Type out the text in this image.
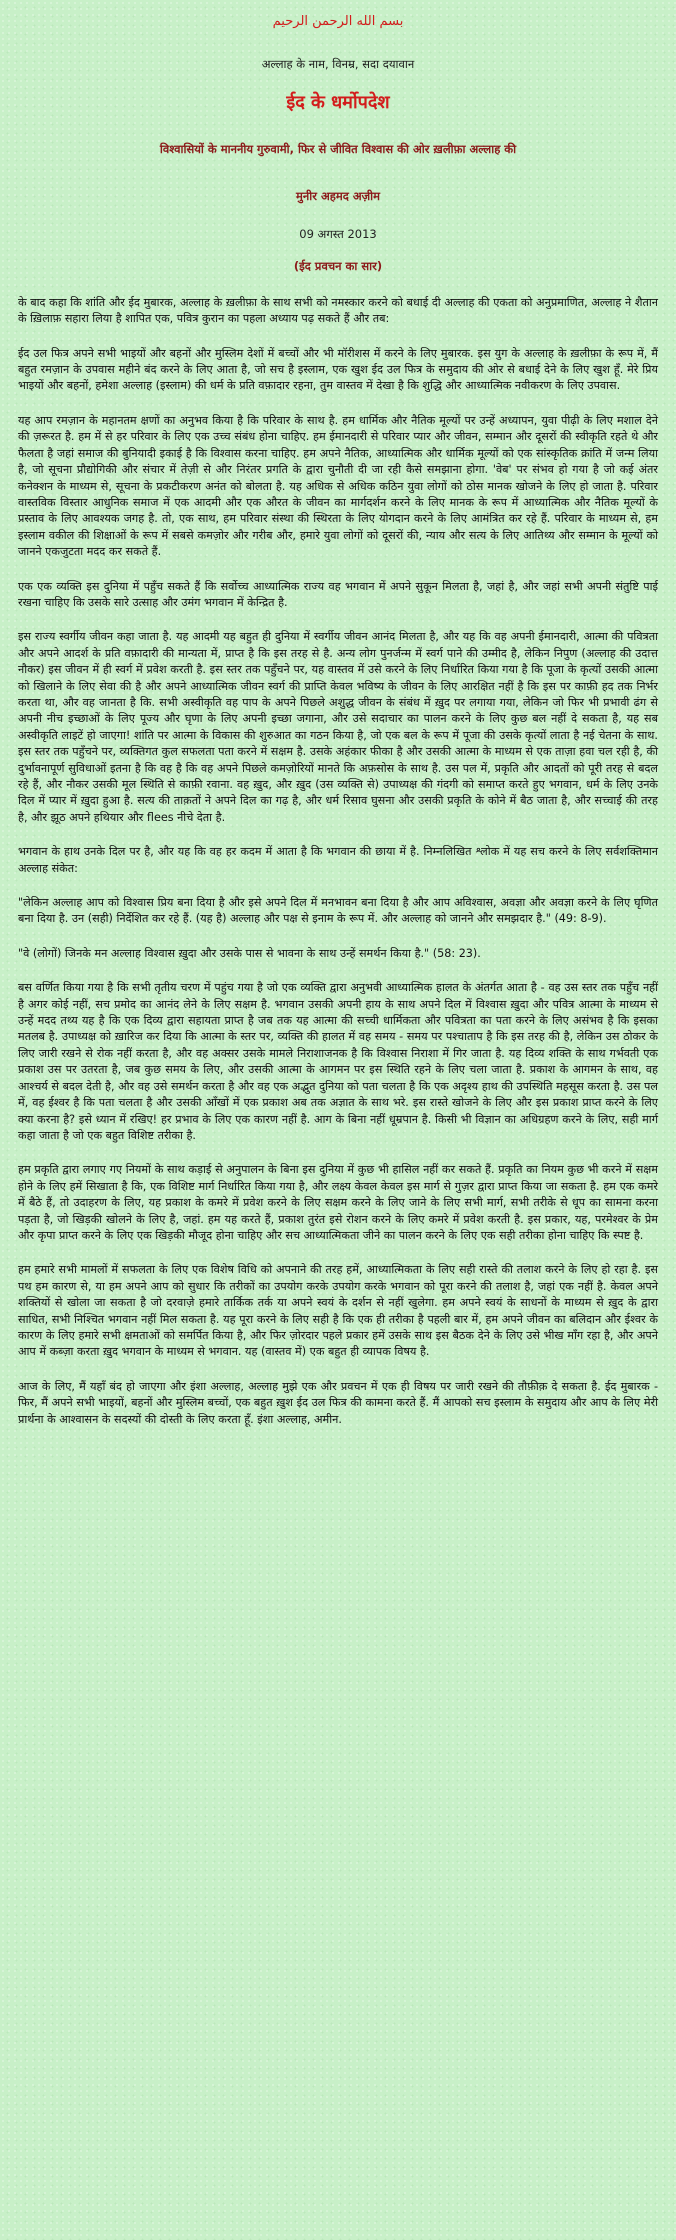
بسم الله الرحمن الرحيم
अल्लाह के नाम, विनम्र, सदा दयावान
ईद के धर्मोपदेश
विश्वासियों के माननीय गुरुवामी, फिर से जीवित विश्वास की ओर ख़लीफ़ा अल्लाह की
मुनीर अहमद अज़ीम
09 अगस्त 2013
(ईद प्रवचन का सार)

के बाद कहा कि शांति और ईद मुबारक, अल्लाह के ख़लीफ़ा के साथ सभी को नमस्कार करने को बधाई दी अल्लाह की एकता को अनुप्रमाणित, अल्लाह ने शैतान के ख़िलाफ़ सहारा लिया है शापित एक, पवित्र कुरान का पहला अध्याय पढ़ सकते हैं और तब:

ईद उल फित्र अपने सभी भाइयों और बहनों और मुस्लिम देशों में बच्चों और भी मॉरीशस में करने के लिए मुबारक. इस युग के अल्लाह के ख़लीफ़ा के रूप में, मैं बहुत रमज़ान के उपवास महीने बंद करने के लिए आता है, जो सच है इस्लाम, एक खुश ईद उल फित्र के समुदाय की ओर से बधाई देने के लिए खुश हूँ. मेरे प्रिय भाइयों और बहनों, हमेशा अल्लाह (इस्लाम) की धर्म के प्रति वफ़ादार रहना, तुम वास्तव में देखा है कि शुद्धि और आध्यात्मिक नवीकरण के लिए उपवास.

यह आप रमज़ान के महानतम क्षणों का अनुभव किया है कि परिवार के साथ है. हम धार्मिक और नैतिक मूल्यों पर उन्हें अध्यापन, युवा पीढ़ी के लिए मशाल देने की ज़रूरत है. हम में से हर परिवार के लिए एक उच्च संबंध होना चाहिए. हम ईमानदारी से परिवार प्यार और जीवन, सम्मान और दूसरों की स्वीकृति रहते थे और फैलता है जहां समाज की बुनियादी इकाई है कि विश्वास करना चाहिए. हम अपने नैतिक, आध्यात्मिक और धार्मिक मूल्यों को एक सांस्कृतिक क्रांति में जन्म लिया है, जो सूचना प्रौद्योगिकी और संचार में तेज़ी से और निरंतर प्रगति के द्वारा चुनौती दी जा रही कैसे समझाना होगा. 'वेब' पर संभव हो गया है जो कई अंतर कनेक्शन के माध्यम से, सूचना के प्रकटीकरण अनंत को बोलता है. यह अधिक से अधिक कठिन युवा लोगों को ठोस मानक खोजने के लिए हो जाता है. परिवार वास्तविक विस्तार आधुनिक समाज में एक आदमी और एक औरत के जीवन का मार्गदर्शन करने के लिए मानक के रूप में आध्यात्मिक और नैतिक मूल्यों के प्रस्ताव के लिए आवश्यक जगह है. तो, एक साथ, हम परिवार संस्था की स्थिरता के लिए योगदान करने के लिए आमंत्रित कर रहे हैं. परिवार के माध्यम से, हम इस्लाम वकील की शिक्षाओं के रूप में सबसे कमज़ोर और गरीब और, हमारे युवा लोगों को दूसरों की, न्याय और सत्य के लिए आतिथ्य और सम्मान के मूल्यों को जानने एकजुटता मदद कर सकते हैं.

एक एक व्यक्ति इस दुनिया में पहुँच सकते हैं कि सर्वोच्च आध्यात्मिक राज्य वह भगवान में अपने सुकून मिलता है, जहां है, और जहां सभी अपनी संतुष्टि पाई रखना चाहिए कि उसके सारे उत्साह और उमंग भगवान में केन्द्रित है.

इस राज्य स्वर्गीय जीवन कहा जाता है. यह आदमी यह बहुत ही दुनिया में स्वर्गीय जीवन आनंद मिलता है, और यह कि वह अपनी ईमानदारी, आत्मा की पवित्रता और अपने आदर्श के प्रति वफ़ादारी की मान्यता में, प्राप्त है कि इस तरह से है. अन्य लोग पुनर्जन्म में स्वर्ग पाने की उम्मीद है, लेकिन निपुण (अल्लाह की उदात्त नौकर) इस जीवन में ही स्वर्ग में प्रवेश करती है. इस स्तर तक पहुँचने पर, यह वास्तव में उसे करने के लिए निर्धारित किया गया है कि पूजा के कृत्यों उसकी आत्मा को खिलाने के लिए सेवा की है और अपने आध्यात्मिक जीवन स्वर्ग की प्राप्ति केवल भविष्य के जीवन के लिए आरक्षित नहीं है कि इस पर काफ़ी हद तक निर्भर करता था, और वह जानता है कि. सभी अस्वीकृति वह पाप के अपने पिछले अशुद्ध जीवन के संबंध में ख़ुद पर लगाया गया, लेकिन जो फिर भी प्रभावी ढंग से अपनी नीच इच्छाओं के लिए पूज्य और घृणा के लिए अपनी इच्छा जगाना, और उसे सदाचार का पालन करने के लिए कुछ बल नहीं दे सकता है, यह सब अस्वीकृति लाइटें हो जाएगा! शांति पर आत्मा के विकास की शुरुआत का गठन किया है, जो एक बल के रूप में पूजा की उसके कृत्यों लाता है नई चेतना के साथ. इस स्तर तक पहुँचने पर, व्यक्तिगत कुल सफलता पता करने में सक्षम है. उसके अहंकार फीका है और उसकी आत्मा के माध्यम से एक ताज़ा हवा चल रही है, की दुर्भावनापूर्ण सुविधाओं इतना है कि वह है कि वह अपने पिछले कमज़ोरियों मानते कि अफ़सोस के साथ है. उस पल में, प्रकृति और आदतों को पूरी तरह से बदल रहे हैं, और नौकर उसकी मूल स्थिति से काफ़ी रवाना. वह ख़ुद, और ख़ुद (उस व्यक्ति से) उपाध्यक्ष की गंदगी को समाप्त करते हुए भगवान, धर्म के लिए उनके दिल में प्यार में ख़ुदा हुआ है. सत्य की ताक़तों ने अपने दिल का गढ़ है, और धर्म रिसाव घुसना और उसकी प्रकृति के कोने में बैठ जाता है, और सच्चाई की तरह है, और झूठ अपने हथियार और flees नीचे देता है.

भगवान के हाथ उनके दिल पर है, और यह कि वह हर कदम में आता है कि भगवान की छाया में है. निम्नलिखित श्लोक में यह सच करने के लिए सर्वशक्तिमान अल्लाह संकेत:

"लेकिन अल्लाह आप को विश्वास प्रिय बना दिया है और इसे अपने दिल में मनभावन बना दिया है और आप अविश्वास, अवज्ञा और अवज्ञा करने के लिए घृणित बना दिया है. उन (सही) निर्देशित कर रहे हैं. (यह है) अल्लाह और पक्ष से इनाम के रूप में. और अल्लाह को जानने और समझदार है." (49: 8-9).

"वे (लोगों) जिनके मन अल्लाह विश्वास ख़ुदा और उसके पास से भावना के साथ उन्हें समर्थन किया है." (58: 23).

बस वर्णित किया गया है कि सभी तृतीय चरण में पहुंच गया है जो एक व्यक्ति द्वारा अनुभवी आध्यात्मिक हालत के अंतर्गत आता है - वह उस स्तर तक पहुँच नहीं है अगर कोई नहीं, सच प्रमोद का आनंद लेने के लिए सक्षम है. भगवान उसकी अपनी हाय के साथ अपने दिल में विश्वास ख़ुदा और पवित्र आत्मा के माध्यम से उन्हें मदद तथ्य यह है कि एक दिव्य द्वारा सहायता प्राप्त है जब तक यह आत्मा की सच्ची धार्मिकता और पवित्रता का पता करने के लिए असंभव है कि इसका मतलब है. उपाध्यक्ष को ख़ारिज कर दिया कि आत्मा के स्तर पर, व्यक्ति की हालत में वह समय - समय पर पश्चाताप है कि इस तरह की है, लेकिन उस ठोकर के लिए जारी रखने से रोक नहीं करता है, और वह अक्सर उसके मामले निराशाजनक है कि विश्वास निराशा में गिर जाता है. यह दिव्य शक्ति के साथ गर्भवती एक प्रकाश उस पर उतरता है, जब कुछ समय के लिए, और उसकी आत्मा के आगमन पर इस स्थिति रहने के लिए चला जाता है. प्रकाश के आगमन के साथ, वह आश्चर्य से बदल देती है, और वह उसे समर्थन करता है और वह एक अद्भुत दुनिया को पता चलता है कि एक अदृश्य हाथ की उपस्थिति महसूस करता है. उस पल में, वह ईश्वर है कि पता चलता है और उसकी आँखों में एक प्रकाश अब तक अज्ञात के साथ भरे. इस रास्ते खोजने के लिए और इस प्रकाश प्राप्त करने के लिए क्या करना है? इसे ध्यान में रखिए! हर प्रभाव के लिए एक कारण नहीं है. आग के बिना नहीं धूम्रपान है. किसी भी विज्ञान का अधिग्रहण करने के लिए, सही मार्ग कहा जाता है जो एक बहुत विशिष्ट तरीका है.

हम प्रकृति द्वारा लगाए गए नियमों के साथ कड़ाई से अनुपालन के बिना इस दुनिया में कुछ भी हासिल नहीं कर सकते हैं. प्रकृति का नियम कुछ भी करने में सक्षम होने के लिए हमें सिखाता है कि, एक विशिष्ट मार्ग निर्धारित किया गया है, और लक्ष्य केवल केवल इस मार्ग से गुज़र द्वारा प्राप्त किया जा सकता है. हम एक कमरे में बैठे हैं, तो उदाहरण के लिए, यह प्रकाश के कमरे में प्रवेश करने के लिए सक्षम करने के लिए जाने के लिए सभी मार्ग, सभी तरीके से धूप का सामना करना पड़ता है, जो खिड़की खोलने के लिए है, जहां. हम यह करते हैं, प्रकाश तुरंत इसे रोशन करने के लिए कमरे में प्रवेश करती है. इस प्रकार, यह, परमेश्वर के प्रेम और कृपा प्राप्त करने के लिए एक खिड़की मौजूद होना चाहिए और सच आध्यात्मिकता जीने का पालन करने के लिए एक सही तरीका होना चाहिए कि स्पष्ट है.

हम हमारे सभी मामलों में सफलता के लिए एक विशेष विधि को अपनाने की तरह हमें, आध्यात्मिकता के लिए सही रास्ते की तलाश करने के लिए हो रहा है. इस पथ हम कारण से, या हम अपने आप को सुधार कि तरीकों का उपयोग करके उपयोग करके भगवान को पूरा करने की तलाश है, जहां एक नहीं है. केवल अपने शक्तियों से खोला जा सकता है जो दरवाज़े हमारे तार्किक तर्क या अपने स्वयं के दर्शन से नहीं खुलेगा. हम अपने स्वयं के साधनों के माध्यम से ख़ुद के द्वारा साधित, सभी निश्चित भगवान नहीं मिल सकता है. यह पूरा करने के लिए सही है कि एक ही तरीका है पहली बार में, हम अपने जीवन का बलिदान और ईश्वर के कारण के लिए हमारे सभी क्षमताओं को समर्पित किया है, और फिर ज़ोरदार पहले प्रकार हमें उसके साथ इस बैठक देने के लिए उसे भीख माँग रहा है, और अपने आप में कब्ज़ा करता ख़ुद भगवान के माध्यम से भगवान. यह (वास्तव में) एक बहुत ही व्यापक विषय है.

आज के लिए, मैं यहाँ बंद हो जाएगा और इंशा अल्लाह, अल्लाह मुझे एक और प्रवचन में एक ही विषय पर जारी रखने की तौफ़ीक़ दे सकता है. ईद मुबारक - फिर, मैं अपने सभी भाइयों, बहनों और मुस्लिम बच्चों, एक बहुत ख़ुश ईद उल फित्र की कामना करते हैं. मैं आपको सच इस्लाम के समुदाय और आप के लिए मेरी प्रार्थना के आश्वासन के सदस्यों की दोस्ती के लिए करता हूँ. इंशा अल्लाह, अमीन.
